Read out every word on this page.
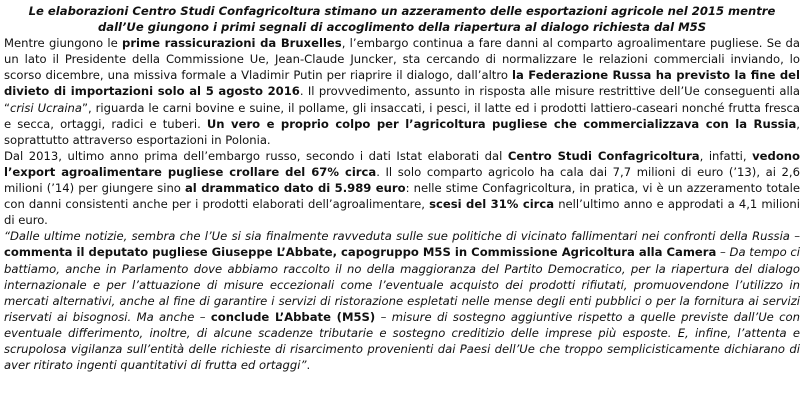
Le elaborazioni Centro Studi Confagricoltura stimano un azzeramento delle esportazioni agricole nel 2015 mentre dall’Ue giungono i primi segnali di accoglimento della riapertura al dialogo richiesta dal M5S

Mentre giungono le prime rassicurazioni da Bruxelles, l’embargo continua a fare danni al comparto agroalimentare pugliese. Se da un lato il Presidente della Commissione Ue, Jean-Claude Juncker, sta cercando di normalizzare le relazioni commerciali inviando, lo scorso dicembre, una missiva formale a Vladimir Putin per riaprire il dialogo, dall’altro la Federazione Russa ha previsto la fine del divieto di importazioni solo al 5 agosto 2016. Il provvedimento, assunto in risposta alle misure restrittive dell’Ue conseguenti alla “crisi Ucraina”, riguarda le carni bovine e suine, il pollame, gli insaccati, i pesci, il latte ed i prodotti lattiero-caseari nonché frutta fresca e secca, ortaggi, radici e tuberi. Un vero e proprio colpo per l’agricoltura pugliese che commercializzava con la Russia, soprattutto attraverso esportazioni in Polonia.

Dal 2013, ultimo anno prima dell’embargo russo, secondo i dati Istat elaborati dal Centro Studi Confagricoltura, infatti, vedono l’export agroalimentare pugliese crollare del 67% circa. Il solo comparto agricolo ha cala dai 7,7 milioni di euro (’13), ai 2,6 milioni (’14) per giungere sino al drammatico dato di 5.989 euro: nelle stime Confagricoltura, in pratica, vi è un azzeramento totale con danni consistenti anche per i prodotti elaborati dell’agroalimentare, scesi del 31% circa nell’ultimo anno e approdati a 4,1 milioni di euro.

“Dalle ultime notizie, sembra che l’Ue si sia finalmente ravveduta sulle sue politiche di vicinato fallimentari nei confronti della Russia – commenta il deputato pugliese Giuseppe L’Abbate, capogruppo M5S in Commissione Agricoltura alla Camera – Da tempo ci battiamo, anche in Parlamento dove abbiamo raccolto il no della maggioranza del Partito Democratico, per la riapertura del dialogo internazionale e per l’attuazione di misure eccezionali come l’eventuale acquisto dei prodotti rifiutati, promuovendone l’utilizzo in mercati alternativi, anche al fine di garantire i servizi di ristorazione espletati nelle mense degli enti pubblici o per la fornitura ai servizi riservati ai bisognosi. Ma anche – conclude L’Abbate (M5S) – misure di sostegno aggiuntive rispetto a quelle previste dall’Ue con eventuale differimento, inoltre, di alcune scadenze tributarie e sostegno creditizio delle imprese più esposte. E, infine, l’attenta e scrupolosa vigilanza sull’entità delle richieste di risarcimento provenienti dai Paesi dell’Ue che troppo semplicisticamente dichiarano di aver ritirato ingenti quantitativi di frutta ed ortaggi”.
